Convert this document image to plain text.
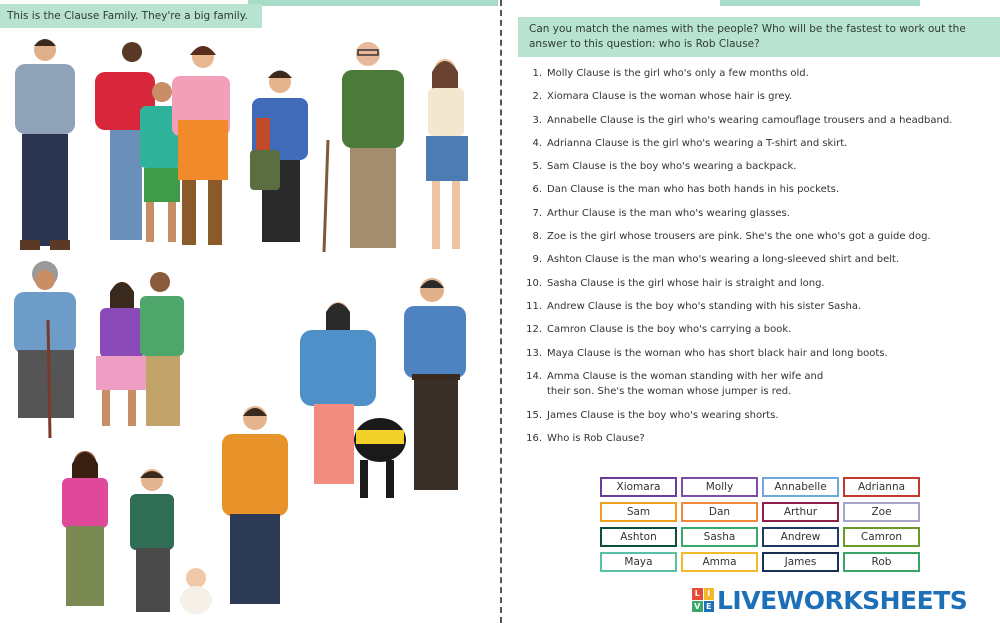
This is the Clause Family. They're a big family.
Can you match the names with the people? Who will be the fastest to work out the answer to this question: who is Rob Clause?
1. Molly Clause is the girl who's only a few months old.
2. Xiomara Clause is the woman whose hair is grey.
3. Annabelle Clause is the girl who's wearing camouflage trousers and a headband.
4. Adrianna Clause is the girl who's wearing a T-shirt and skirt.
5. Sam Clause is the boy who's wearing a backpack.
6. Dan Clause is the man who has both hands in his pockets.
7. Arthur Clause is the man who's wearing glasses.
8. Zoe is the girl whose trousers are pink. She's the one who's got a guide dog.
9. Ashton Clause is the man who's wearing a long-sleeved shirt and belt.
10. Sasha Clause is the girl whose hair is straight and long.
11. Andrew Clause is the boy who's standing with his sister Sasha.
12. Camron Clause is the boy who's carrying a book.
13. Maya Clause is the woman who has short black hair and long boots.
14. Amma Clause is the woman standing with her wife and
their son. She's the woman whose jumper is red.
15. James Clause is the boy who's wearing shorts.
16. Who is Rob Clause?
Xiomara	Molly	Annabelle	Adrianna
Sam	Dan	Arthur	Zoe
Ashton	Sasha	Andrew	Camron
Maya	Amma	James	Rob
L I
V E LIVEWORKSHEETS
